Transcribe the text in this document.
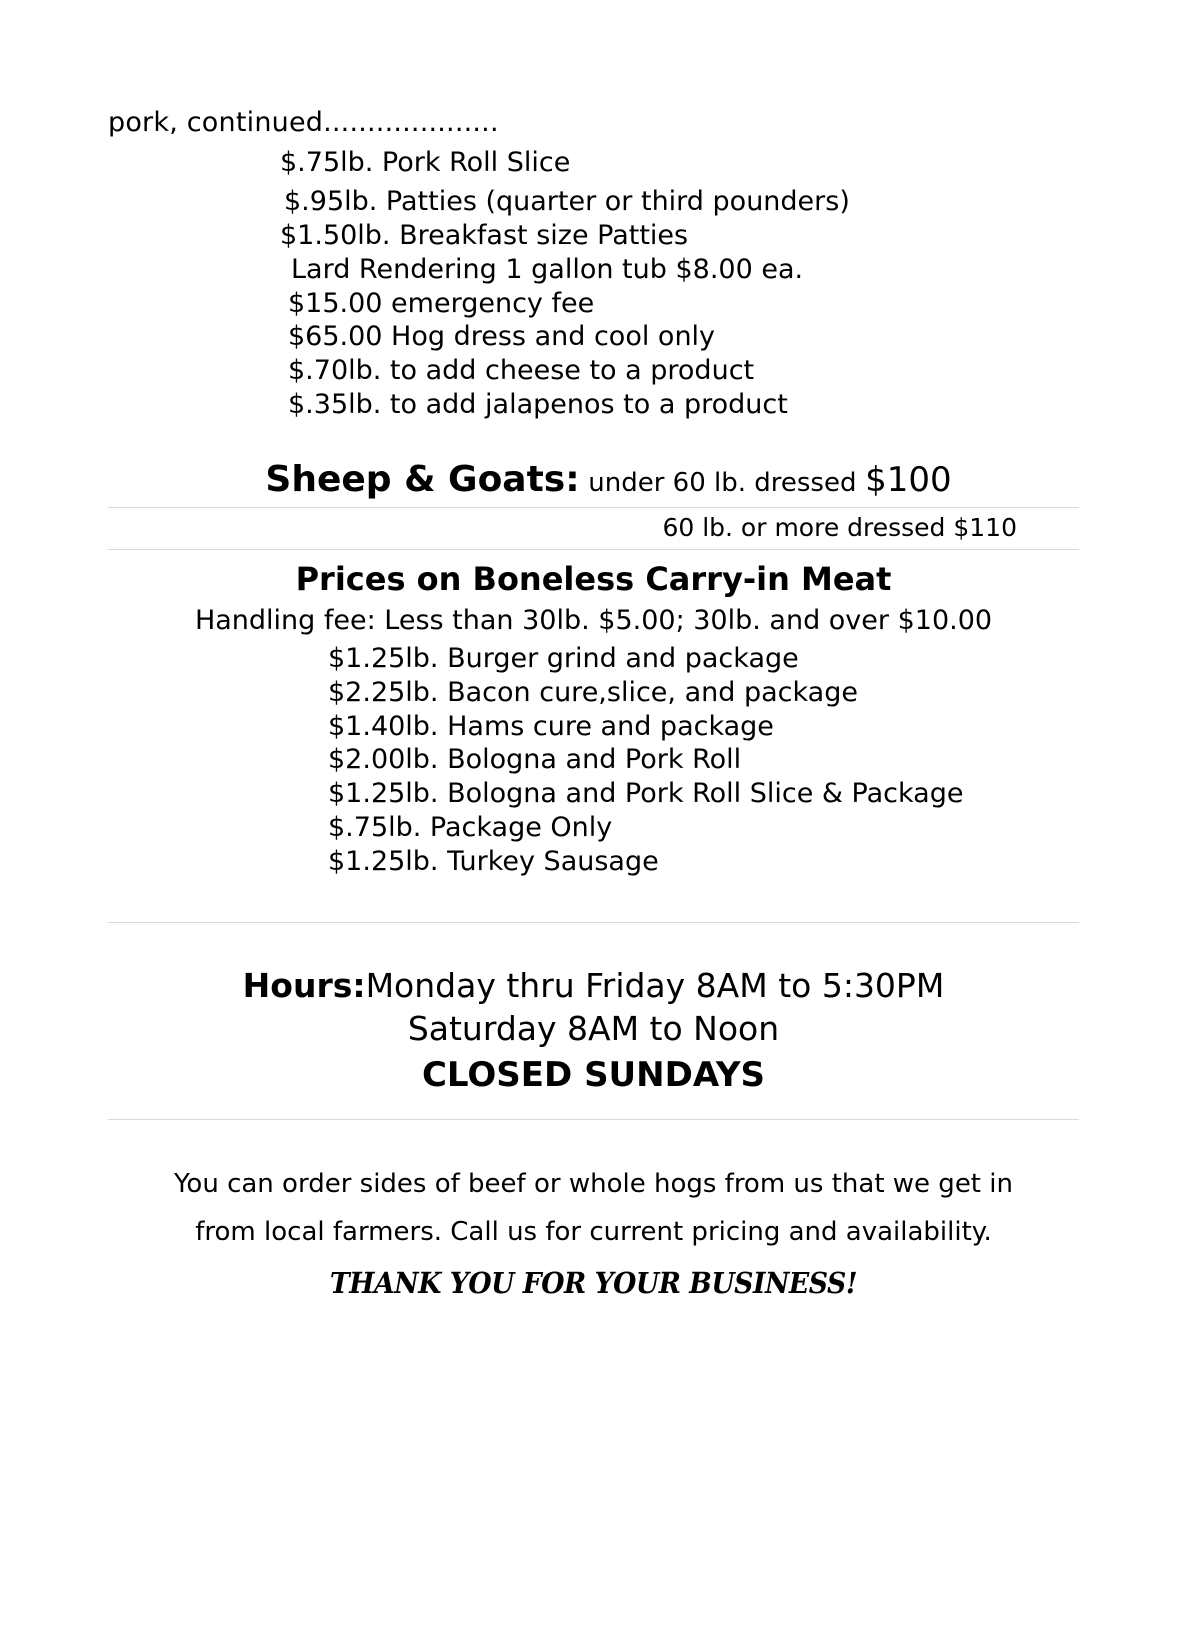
pork, continued....................
$.75lb. Pork Roll Slice
$.95lb. Patties (quarter or third pounders)
$1.50lb. Breakfast size Patties
Lard Rendering 1 gallon tub $8.00 ea.
$15.00 emergency fee
$65.00 Hog dress and cool only
$.70lb. to add cheese to a product
$.35lb. to add jalapenos to a product
Sheep & Goats: under 60 lb. dressed $100
60 lb. or more dressed $110
Prices on Boneless Carry-in Meat
Handling fee: Less than 30lb. $5.00; 30lb. and over $10.00
$1.25lb. Burger grind and package
$2.25lb. Bacon cure,slice, and package
$1.40lb. Hams cure and package
$2.00lb. Bologna and Pork Roll
$1.25lb. Bologna and Pork Roll Slice & Package
$.75lb. Package Only
$1.25lb. Turkey Sausage
Hours:Monday thru Friday 8AM to 5:30PM
Saturday 8AM to Noon
CLOSED SUNDAYS
You can order sides of beef or whole hogs from us that we get in
from local farmers. Call us for current pricing and availability.
THANK YOU FOR YOUR BUSINESS!
